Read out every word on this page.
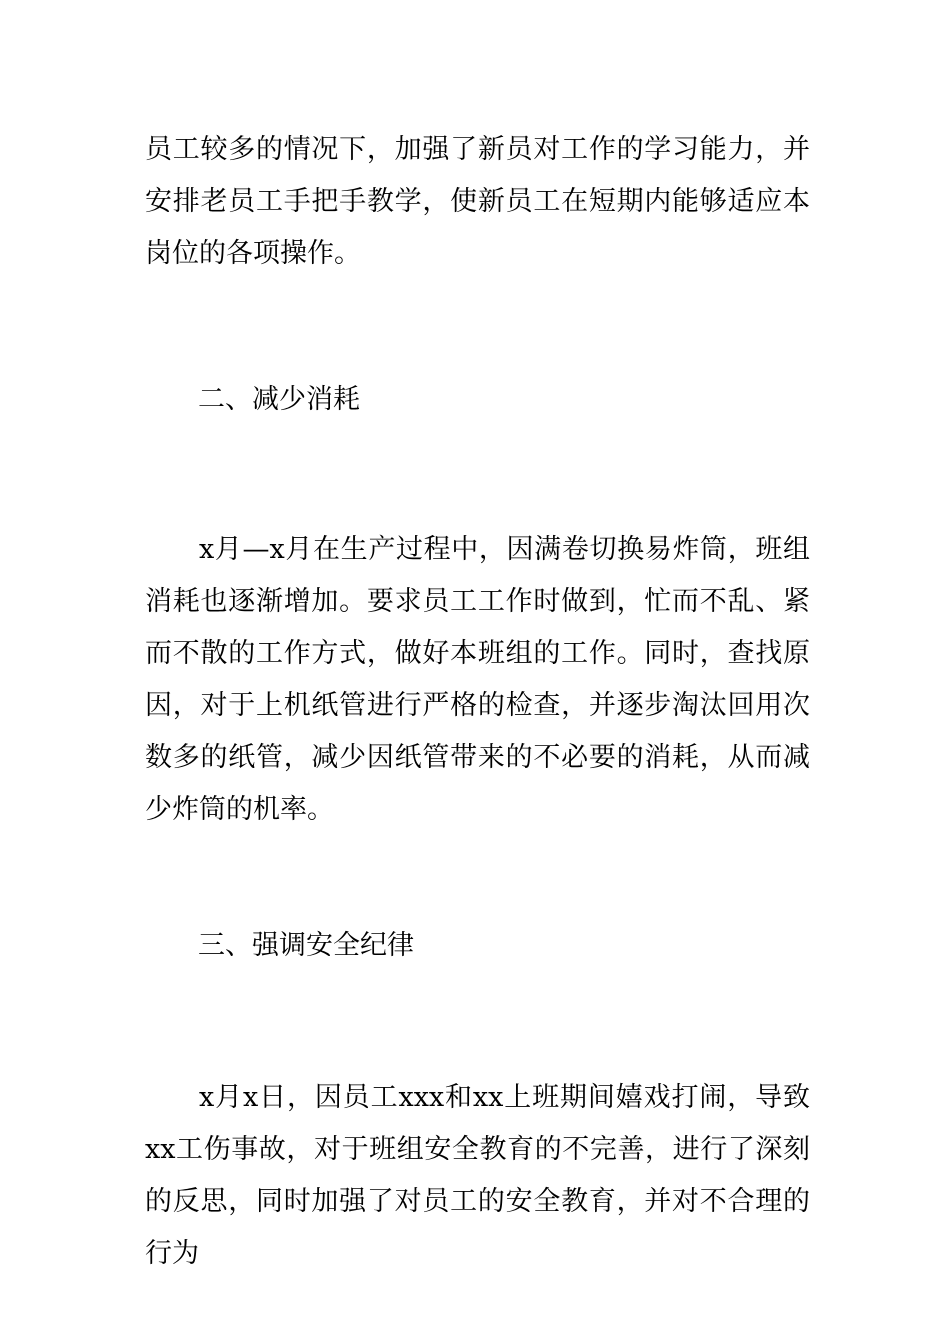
员工较多的情况下，加强了新员对工作的学习能力，并安排老员工手把手教学，使新员工在短期内能够适应本岗位的各项操作。

二、减少消耗

x月—x月在生产过程中，因满卷切换易炸筒，班组消耗也逐渐增加。要求员工工作时做到，忙而不乱、紧而不散的工作方式，做好本班组的工作。同时，查找原因，对于上机纸管进行严格的检查，并逐步淘汰回用次数多的纸管，减少因纸管带来的不必要的消耗，从而减少炸筒的机率。

三、强调安全纪律

x月x日，因员工xxx和xx上班期间嬉戏打闹，导致xx工伤事故，对于班组安全教育的不完善，进行了深刻的反思，同时加强了对员工的安全教育，并对不合理的行为
